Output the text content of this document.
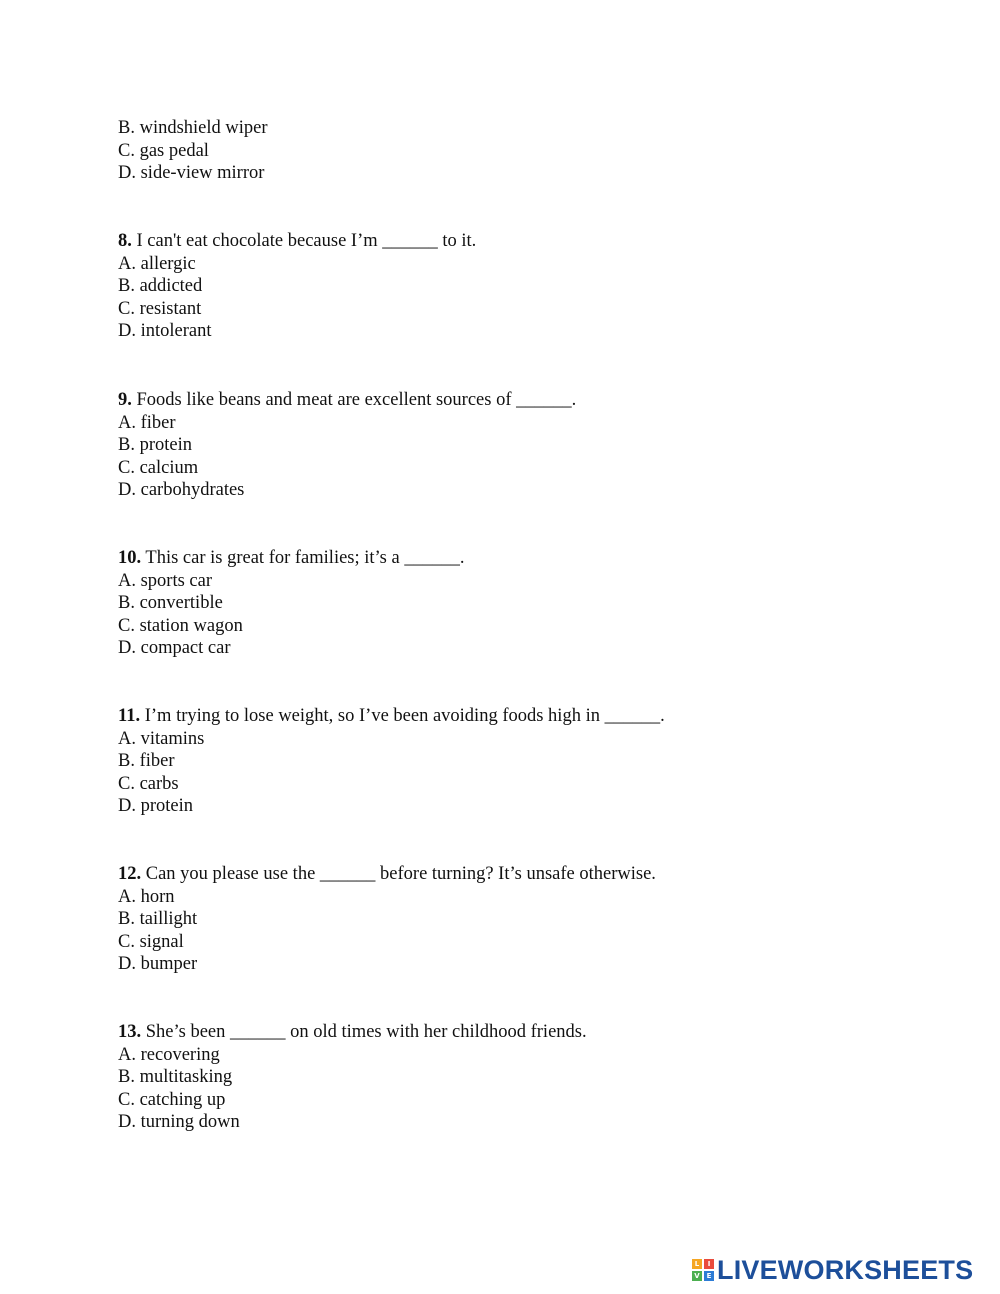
B. windshield wiper
C. gas pedal
D. side-view mirror
8. I can't eat chocolate because I’m ______ to it.
A. allergic
B. addicted
C. resistant
D. intolerant
9. Foods like beans and meat are excellent sources of ______.
A. fiber
B. protein
C. calcium
D. carbohydrates
10. This car is great for families; it’s a ______.
A. sports car
B. convertible
C. station wagon
D. compact car
11. I’m trying to lose weight, so I’ve been avoiding foods high in ______.
A. vitamins
B. fiber
C. carbs
D. protein
12. Can you please use the ______ before turning? It’s unsafe otherwise.
A. horn
B. taillight
C. signal
D. bumper
13. She’s been ______ on old times with her childhood friends.
A. recovering
B. multitasking
C. catching up
D. turning down
L	I
V E LIVEWORKSHEETS
